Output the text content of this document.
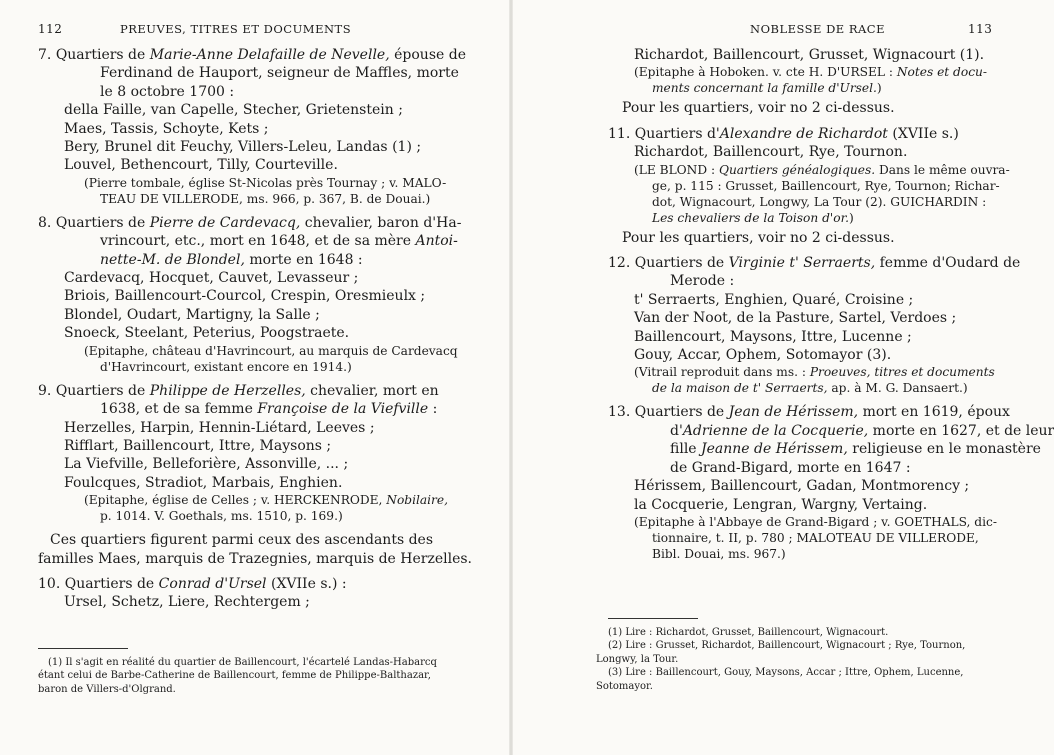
112	PREUVES, TITRES ET DOCUMENTS

7. Quartiers de Marie-Anne Delafaille de Nevelle, épouse de

Ferdinand de Hauport, seigneur de Maffles, morte

le 8 octobre 1700 :

della Faille, van Capelle, Stecher, Grietenstein ;

Maes, Tassis, Schoyte, Kets ;

Bery, Brunel dit Feuchy, Villers-Leleu, Landas (1) ;

Louvel, Bethencourt, Tilly, Courteville.

(Pierre tombale, église St-Nicolas près Tournay ; v. MALO-

TEAU DE VILLERODE, ms. 966, p. 367, B. de Douai.)

8. Quartiers de Pierre de Cardevacq, chevalier, baron d'Ha-

vrincourt, etc., mort en 1648, et de sa mère Antoi-

nette-M. de Blondel, morte en 1648 :

Cardevacq, Hocquet, Cauvet, Levasseur ;

Briois, Baillencourt-Courcol, Crespin, Oresmieulx ;

Blondel, Oudart, Martigny, la Salle ;

Snoeck, Steelant, Peterius, Poogstraete.

(Epitaphe, château d'Havrincourt, au marquis de Cardevacq

d'Havrincourt, existant encore en 1914.)

9. Quartiers de Philippe de Herzelles, chevalier, mort en

1638, et de sa femme Françoise de la Viefville :

Herzelles, Harpin, Hennin-Liétard, Leeves ;

Rifflart, Baillencourt, Ittre, Maysons ;

La Viefville, Belleforière, Assonville, ... ;

Foulcques, Stradiot, Marbais, Enghien.

(Epitaphe, église de Celles ; v. HERCKENRODE, Nobilaire,

p. 1014. V. Goethals, ms. 1510, p. 169.)

Ces quartiers figurent parmi ceux des ascendants des

familles Maes, marquis de Trazegnies, marquis de Herzelles.

10. Quartiers de Conrad d'Ursel (XVIIe s.) :

Ursel, Schetz, Liere, Rechtergem ;

(1) Il s'agit en réalité du quartier de Baillencourt, l'écartelé Landas-Habarcq

étant celui de Barbe-Catherine de Baillencourt, femme de Philippe-Balthazar,

baron de Villers-d'Olgrand.

NOBLESSE DE RACE	113

Richardot, Baillencourt, Grusset, Wignacourt (1).

(Epitaphe à Hoboken. v. cte H. D'URSEL : Notes et docu-

ments concernant la famille d'Ursel.)

Pour les quartiers, voir no 2 ci-dessus.

11. Quartiers d'Alexandre de Richardot (XVIIe s.)

Richardot, Baillencourt, Rye, Tournon.

(LE BLOND : Quartiers généalogiques. Dans le même ouvra-

ge, p. 115 : Grusset, Baillencourt, Rye, Tournon; Richar-

dot, Wignacourt, Longwy, La Tour (2). GUICHARDIN :

Les chevaliers de la Toison d'or.)

Pour les quartiers, voir no 2 ci-dessus.

12. Quartiers de Virginie t' Serraerts, femme d'Oudard de

Merode :

t' Serraerts, Enghien, Quaré, Croisine ;

Van der Noot, de la Pasture, Sartel, Verdoes ;

Baillencourt, Maysons, Ittre, Lucenne ;

Gouy, Accar, Ophem, Sotomayor (3).

(Vitrail reproduit dans ms. : Proeuves, titres et documents

de la maison de t' Serraerts, ap. à M. G. Dansaert.)

13. Quartiers de Jean de Hérissem, mort en 1619, époux

d'Adrienne de la Cocquerie, morte en 1627, et de leur

fille Jeanne de Hérissem, religieuse en le monastère

de Grand-Bigard, morte en 1647 :

Hérissem, Baillencourt, Gadan, Montmorency ;

la Cocquerie, Lengran, Wargny, Vertaing.

(Epitaphe à l'Abbaye de Grand-Bigard ; v. GOETHALS, dic-

tionnaire, t. II, p. 780 ; MALOTEAU DE VILLERODE,

Bibl. Douai, ms. 967.)

(1) Lire : Richardot, Grusset, Baillencourt, Wignacourt.

(2) Lire : Grusset, Richardot, Baillencourt, Wignacourt ; Rye, Tournon,

Longwy, la Tour.

(3) Lire : Baillencourt, Gouy, Maysons, Accar ; Ittre, Ophem, Lucenne,

Sotomayor.
